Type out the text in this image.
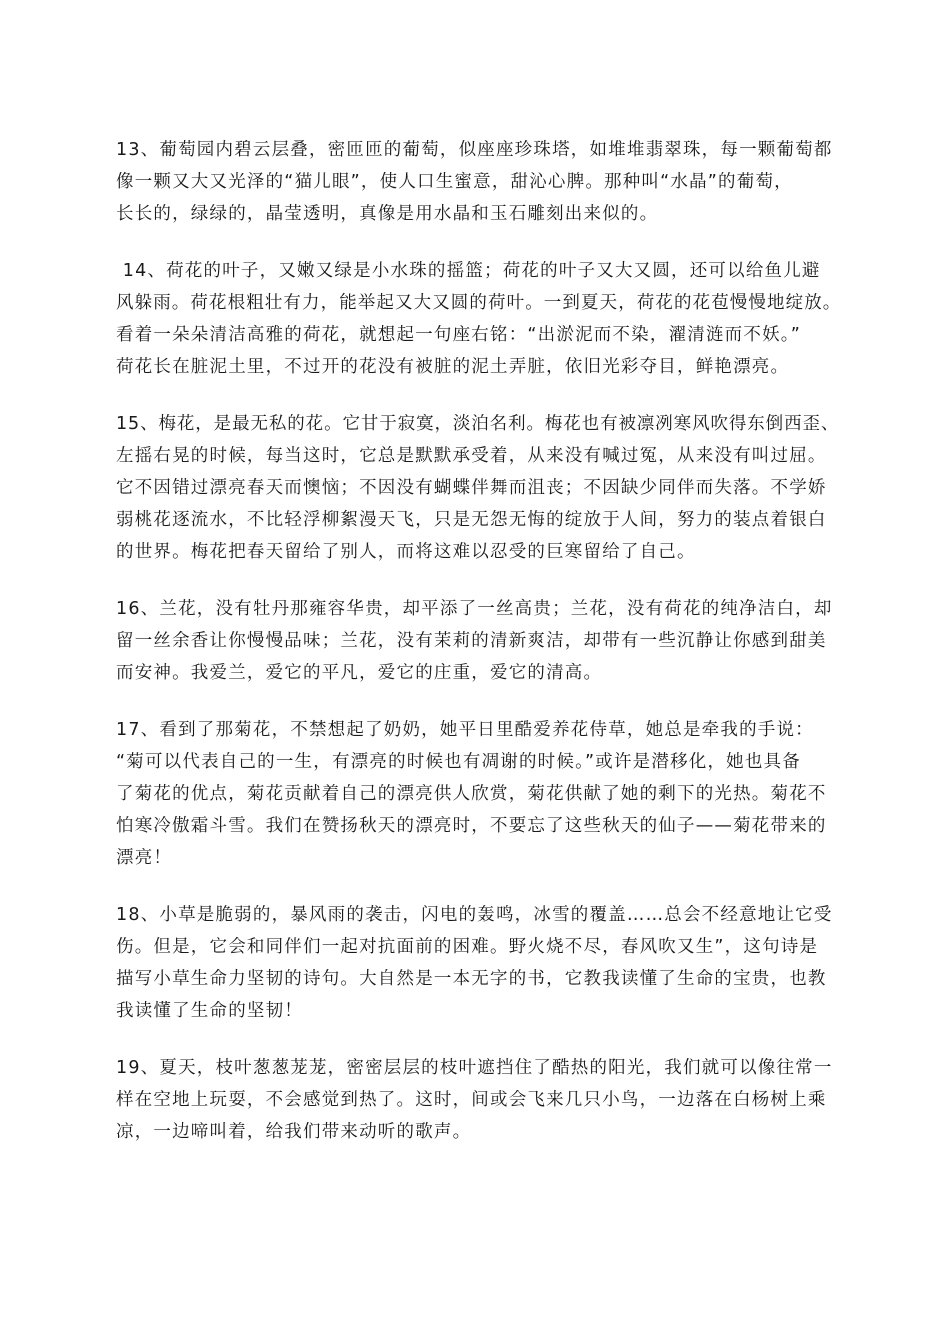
13、葡萄园内碧云层叠，密匝匝的葡萄，似座座珍珠塔，如堆堆翡翠珠，每一颗葡萄都
像一颗又大又光泽的“猫儿眼”，使人口生蜜意，甜沁心脾。那种叫“水晶”的葡萄，
长长的，绿绿的，晶莹透明，真像是用水晶和玉石雕刻出来似的。

14、荷花的叶子，又嫩又绿是小水珠的摇篮；荷花的叶子又大又圆，还可以给鱼儿避
风躲雨。荷花根粗壮有力，能举起又大又圆的荷叶。一到夏天，荷花的花苞慢慢地绽放。
看着一朵朵清洁高雅的荷花，就想起一句座右铭：“出淤泥而不染，濯清涟而不妖。”
荷花长在脏泥土里，不过开的花没有被脏的泥土弄脏，依旧光彩夺目，鲜艳漂亮。

15、梅花，是最无私的花。它甘于寂寞，淡泊名利。梅花也有被凛冽寒风吹得东倒西歪、
左摇右晃的时候，每当这时，它总是默默承受着，从来没有喊过冤，从来没有叫过屈。
它不因错过漂亮春天而懊恼；不因没有蝴蝶伴舞而沮丧；不因缺少同伴而失落。不学娇
弱桃花逐流水，不比轻浮柳絮漫天飞，只是无怨无悔的绽放于人间，努力的装点着银白
的世界。梅花把春天留给了别人，而将这难以忍受的巨寒留给了自己。

16、兰花，没有牡丹那雍容华贵，却平添了一丝高贵；兰花，没有荷花的纯净洁白，却
留一丝余香让你慢慢品味；兰花，没有茉莉的清新爽洁，却带有一些沉静让你感到甜美
而安神。我爱兰，爱它的平凡，爱它的庄重，爱它的清高。

17、看到了那菊花，不禁想起了奶奶，她平日里酷爱养花侍草，她总是牵我的手说：
“菊可以代表自己的一生，有漂亮的时候也有凋谢的时候。”或许是潜移化，她也具备
了菊花的优点，菊花贡献着自己的漂亮供人欣赏，菊花供献了她的剩下的光热。菊花不
怕寒冷傲霜斗雪。我们在赞扬秋天的漂亮时，不要忘了这些秋天的仙子——菊花带来的
漂亮！

18、小草是脆弱的，暴风雨的袭击，闪电的轰鸣，冰雪的覆盖……总会不经意地让它受
伤。但是，它会和同伴们一起对抗面前的困难。野火烧不尽，春风吹又生”，这句诗是
描写小草生命力坚韧的诗句。大自然是一本无字的书，它教我读懂了生命的宝贵，也教
我读懂了生命的坚韧！

19、夏天，枝叶葱葱茏茏，密密层层的枝叶遮挡住了酷热的阳光，我们就可以像往常一
样在空地上玩耍，不会感觉到热了。这时，间或会飞来几只小鸟，一边落在白杨树上乘
凉，一边啼叫着，给我们带来动听的歌声。
